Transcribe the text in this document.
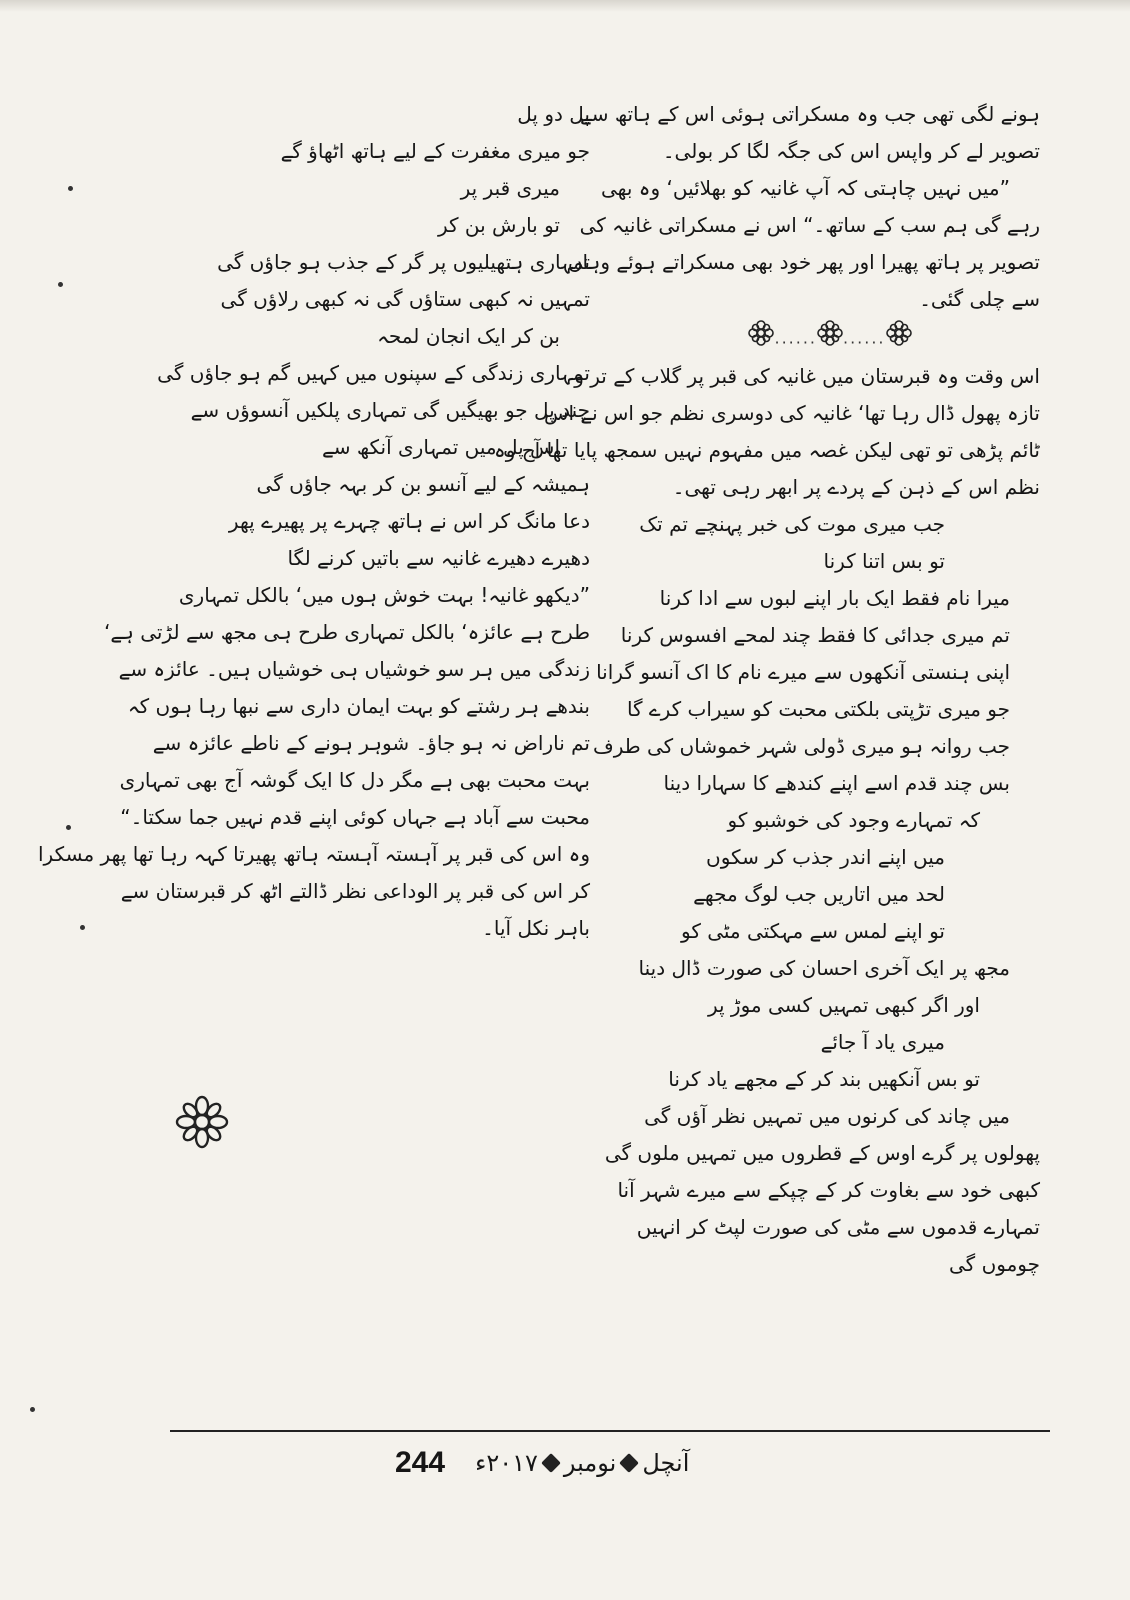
ہونے لگی تھی جب وہ مسکراتی ہوئی اس کے ہاتھ سے
تصویر لے کر واپس اس کی جگہ لگا کر بولی۔
”میں نہیں چاہتی کہ آپ غانیہ کو بھلائیں‘ وہ بھی
رہے گی ہم سب کے ساتھ۔“ اس نے مسکراتی غانیہ کی
تصویر پر ہاتھ پھیرا اور پھر خود بھی مسکراتے ہوئے وہاں
سے چلی گئی۔
...... ......
اس وقت وہ قبرستان میں غانیہ کی قبر پر گلاب کے تر و
تازہ پھول ڈال رہا تھا‘ غانیہ کی دوسری نظم جو اس نے اس
ٹائم پڑھی تو تھی لیکن غصہ میں مفہوم نہیں سمجھ پایا تھا آج وہ
نظم اس کے ذہن کے پردے پر ابھر رہی تھی۔
جب میری موت کی خبر پہنچے تم تک
تو بس اتنا کرنا
میرا نام فقط ایک بار اپنے لبوں سے ادا کرنا
تم میری جدائی کا فقط چند لمحے افسوس کرنا
اپنی ہنستی آنکھوں سے میرے نام کا اک آنسو گرانا
جو میری تڑپتی بلکتی محبت کو سیراب کرے گا
جب روانہ ہو میری ڈولی شہر خموشاں کی طرف
بس چند قدم اسے اپنے کندھے کا سہارا دینا
کہ تمہارے وجود کی خوشبو کو
میں اپنے اندر جذب کر سکوں
لحد میں اتاریں جب لوگ مجھے
تو اپنے لمس سے مہکتی مٹی کو
مجھ پر ایک آخری احسان کی صورت ڈال دینا
اور اگر کبھی تمہیں کسی موڑ پر
میری یاد آ جائے
تو بس آنکھیں بند کر کے مجھے یاد کرنا
میں چاند کی کرنوں میں تمہیں نظر آؤں گی
پھولوں پر گرے اوس کے قطروں میں تمہیں ملوں گی
کبھی خود سے بغاوت کر کے چپکے سے میرے شہر آنا
تمہارے قدموں سے مٹی کی صورت لپٹ کر انہیں
چوموں گی
پل دو پل
جو میری مغفرت کے لیے ہاتھ اٹھاؤ گے
میری قبر پر
تو بارش بن کر
تمہاری ہتھیلیوں پر گر کے جذب ہو جاؤں گی
تمہیں نہ کبھی ستاؤں گی نہ کبھی رلاؤں گی
بن کر ایک انجان لمحہ
تمہاری زندگی کے سپنوں میں کہیں گم ہو جاؤں گی
چند پل جو بھیگیں گی تمہاری پلکیں آنسوؤں سے
اس پل میں تمہاری آنکھ سے
ہمیشہ کے لیے آنسو بن کر بہہ جاؤں گی
دعا مانگ کر اس نے ہاتھ چہرے پر پھیرے پھر
دھیرے دھیرے غانیہ سے باتیں کرنے لگا
”دیکھو غانیہ! بہت خوش ہوں میں‘ بالکل تمہاری
طرح ہے عائزہ‘ بالکل تمہاری طرح ہی مجھ سے لڑتی ہے‘
زندگی میں ہر سو خوشیاں ہی خوشیاں ہیں۔ عائزہ سے
بندھے ہر رشتے کو بہت ایمان داری سے نبھا رہا ہوں کہ
تم ناراض نہ ہو جاؤ۔ شوہر ہونے کے ناطے عائزہ سے
بہت محبت بھی ہے مگر دل کا ایک گوشہ آج بھی تمہاری
محبت سے آباد ہے جہاں کوئی اپنے قدم نہیں جما سکتا۔“
وہ اس کی قبر پر آہستہ آہستہ ہاتھ پھیرتا کہہ رہا تھا پھر مسکرا
کر اس کی قبر پر الوداعی نظر ڈالتے اٹھ کر قبرستان سے
باہر نکل آیا۔
244	آنچل
نومبر
۲۰۱۷ء
